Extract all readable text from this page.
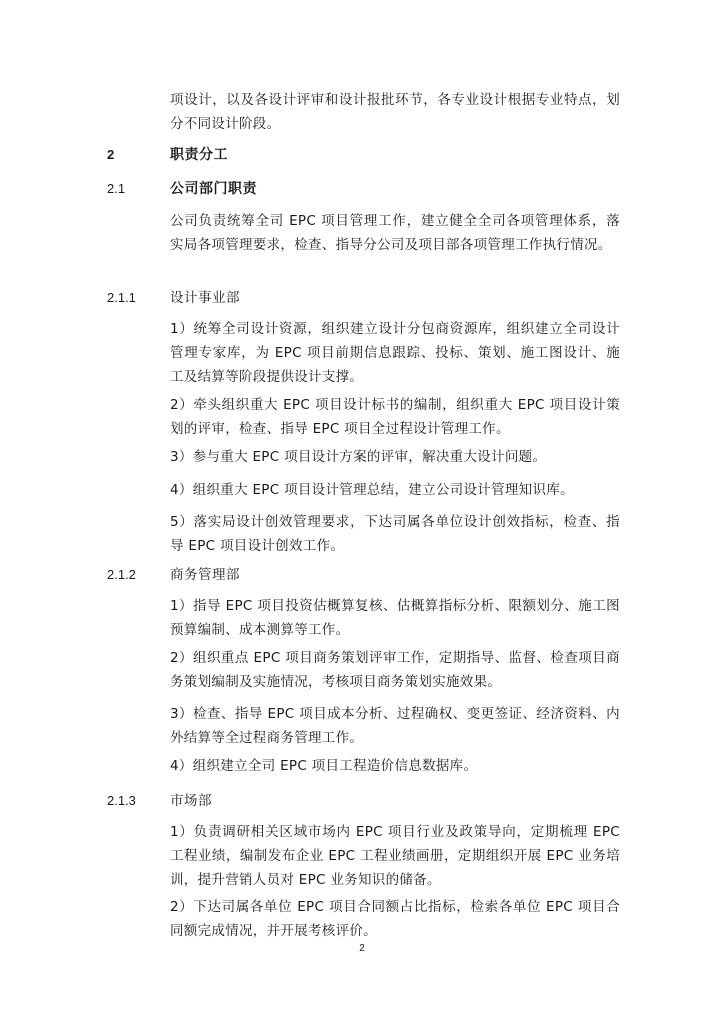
项设计，以及各设计评审和设计报批环节，各专业设计根据专业特点，划分不同设计阶段。
2	职责分工
2.1	公司部门职责
公司负责统筹全司 EPC 项目管理工作，建立健全全司各项管理体系，落实局各项管理要求，检查、指导分公司及项目部各项管理工作执行情况。
2.1.1	设计事业部
1）统筹全司设计资源，组织建立设计分包商资源库，组织建立全司设计管理专家库，为 EPC 项目前期信息跟踪、投标、策划、施工图设计、施工及结算等阶段提供设计支撑。
2）牵头组织重大 EPC 项目设计标书的编制，组织重大 EPC 项目设计策划的评审，检查、指导 EPC 项目全过程设计管理工作。
3）参与重大 EPC 项目设计方案的评审，解决重大设计问题。
4）组织重大 EPC 项目设计管理总结，建立公司设计管理知识库。
5）落实局设计创效管理要求，下达司属各单位设计创效指标，检查、指导 EPC 项目设计创效工作。
2.1.2	商务管理部
1）指导 EPC 项目投资估概算复核、估概算指标分析、限额划分、施工图预算编制、成本测算等工作。
2）组织重点 EPC 项目商务策划评审工作，定期指导、监督、检查项目商务策划编制及实施情况，考核项目商务策划实施效果。
3）检查、指导 EPC 项目成本分析、过程确权、变更签证、经济资料、内外结算等全过程商务管理工作。
4）组织建立全司 EPC 项目工程造价信息数据库。
2.1.3	市场部
1）负责调研相关区域市场内 EPC 项目行业及政策导向，定期梳理 EPC 工程业绩，编制发布企业 EPC 工程业绩画册，定期组织开展 EPC 业务培训，提升营销人员对 EPC 业务知识的储备。
2）下达司属各单位 EPC 项目合同额占比指标，检索各单位 EPC 项目合同额完成情况，并开展考核评价。
2
